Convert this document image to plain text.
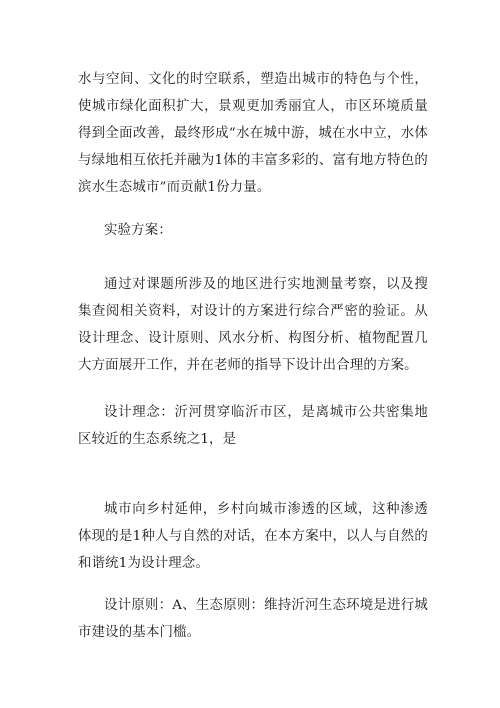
水与空间、文化的时空联系，塑造出城市的特色与个性，使城市绿化面积扩大，景观更加秀丽宜人，市区环境质量得到全面改善，最终形成“水在城中游，城在水中立，水体与绿地相互依托并融为1体的丰富多彩的、富有地方特色的滨水生态城市”而贡献1份力量。

实验方案：

通过对课题所涉及的地区进行实地测量考察，以及搜集查阅相关资料，对设计的方案进行综合严密的验证。从设计理念、设计原则、风水分析、构图分析、植物配置几大方面展开工作，并在老师的指导下设计出合理的方案。

设计理念：沂河贯穿临沂市区，是离城市公共密集地区较近的生态系统之1，是

城市向乡村延伸，乡村向城市渗透的区域，这种渗透体现的是1种人与自然的对话，在本方案中，以人与自然的和谐统1为设计理念。

设计原则：A、生态原则：维持沂河生态环境是进行城市建设的基本门槛。
